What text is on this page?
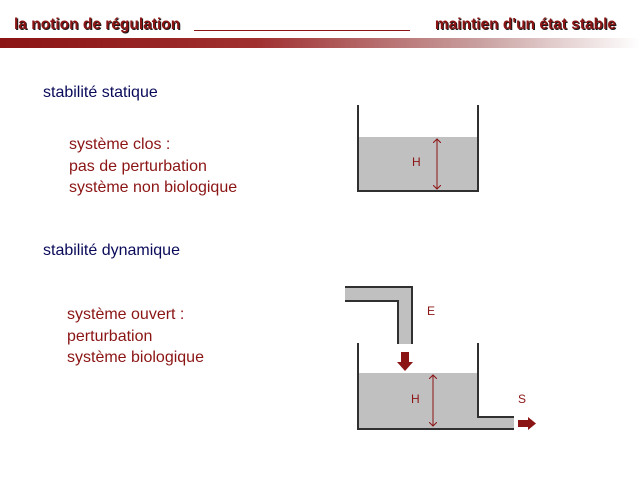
la notion de régulation	maintien d'un état stable
stabilité statique
système clos :
pas de perturbation
système non biologique
stabilité dynamique
système ouvert :
perturbation
système biologique
H
E
H	S
